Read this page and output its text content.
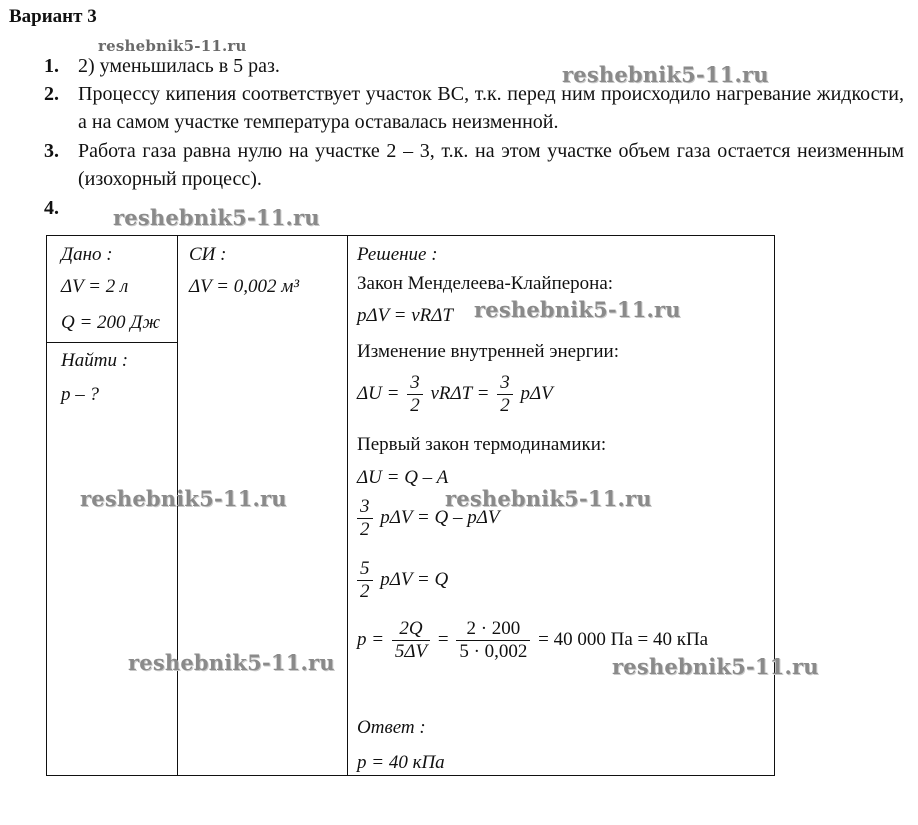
Вариант 3
reshebnik5-11.ru
1. 2) уменьшилась в 5 раз.
2. Процессу кипения соответствует участок ВС, т.к. перед ним происходило нагревание жидкости, а на самом участке температура оставалась неизменной.
3. Работа газа равна нулю на участке 2 – 3, т.к. на этом участке объем газа остается неизменным (изохорный процесс).
4.
reshebnik5-11.ru
reshebnik5-11.ru
Дано :
ΔV = 2 л
Q = 200 Дж
Найти :
p – ?
СИ :
ΔV = 0,002 м³
Решение :
Закон Менделеева-Клайперона:
pΔV = νRΔT
Изменение внутренней энергии:
$\Delta U = \frac{3}{2}$ $\nu R\Delta T = \frac{3}{2}$ pΔV
Первый закон термодинамики:
ΔU = Q – A
$\frac{3}{2}$ pΔV = Q – pΔV
$\frac{5}{2}$ pΔV = Q
$p = \frac{2Q}{5\Delta V} = \frac{2 \cdot 200}{5 \cdot 0,002} = 40$ 000 Па = 40 кПа
Ответ :
p = 40 кПа
reshebnik5-11.ru
reshebnik5-11.ru	reshebnik5-11.ru
reshebnik5-11.ru	reshebnik5-11.ru
